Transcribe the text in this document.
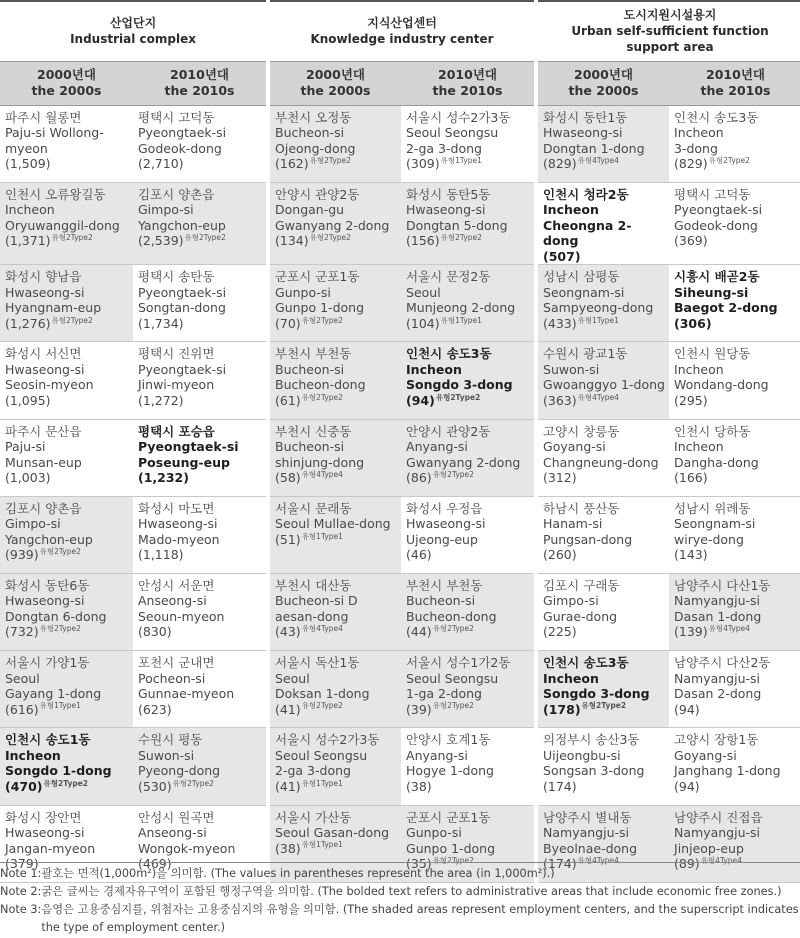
산업단지
Industrial complex		지식산업센터
Knowledge industry center		도시지원시설용지
Urban self-sufficient function
support area	

2000년대
the 2000s	2010년대
the 2010s	2000년대
the 2000s	2010년대
the 2010s	2000년대
the 2000s	2010년대
the 2010s

파주시 월롱면
Paju-si Wollong-
myeon
(1,509)	평택시 고덕동
Pyeongtaek-si
Godeok-dong
(2,710)	부천시 오정동
Bucheon-si
Ojeong-dong
$(162)^{유형2Type2}$	서울시 성수2가3동
Seoul Seongsu
2-ga 3-dong
$(309)^{유형1Type1}$	화성시 동탄1동
Hwaseong-si
Dongtan 1-dong
$(829)^{유형4Type4}$	인천시 송도3동
Incheon
3-dong
$(829)^{유형2Type2}$

인천시 오류왕길동
Incheon
Oryuwanggil-dong
$(1,371)^{유형2Type2}$	김포시 양촌읍
Gimpo-si
Yangchon-eup
$(2,539)^{유형2Type2}$	안양시 관양2동
Dongan-gu
Gwanyang 2-dong
$(134)^{유형2Type2}$	화성시 동탄5동
Hwaseong-si
Dongtan 5-dong
$(156)^{유형2Type2}$	인천시 청라2동
Incheon
Cheongna 2-dong
(507)	평택시 고덕동
Pyeongtaek-si
Godeok-dong
(369)

화성시 향남읍
Hwaseong-si
Hyangnam-eup
$(1,276)^{유형2Type2}$	평택시 송탄동
Pyeongtaek-si
Songtan-dong
(1,734)	군포시 군포1동
Gunpo-si
Gunpo 1-dong
$(70)^{유형2Type2}$	서울시 문정2동
Seoul
Munjeong 2-dong
$(104)^{유형1Type1}$	성남시 삼평동
Seongnam-si
Sampyeong-dong
$(433)^{유형1Type1}$	시흥시 배곧2동
Siheung-si
Baegot 2-dong
(306)

화성시 서신면
Hwaseong-si
Seosin-myeon
(1,095)	평택시 진위면
Pyeongtaek-si
Jinwi-myeon
(1,272)	부천시 부천동
Bucheon-si
Bucheon-dong
$(61)^{유형2Type2}$	인천시 송도3동
Incheon
Songdo 3-dong
$(94)^{유형2Type2}$	수원시 광교1동
Suwon-si
Gwoanggyo 1-dong
$(363)^{유형4Type4}$	인천시 원당동
Incheon
Wondang-dong
(295)

파주시 문산읍
Paju-si
Munsan-eup
(1,003)	평택시 포승읍
Pyeongtaek-si
Poseung-eup
(1,232)	부천시 신중동
Bucheon-si
shinjung-dong
$(58)^{유형4Type4}$	안양시 관양2동
Anyang-si
Gwanyang 2-dong
$(86)^{유형2Type2}$	고양시 창릉동
Goyang-si
Changneung-dong
(312)	인천시 당하동
Incheon
Dangha-dong
(166)

김포시 양촌읍
Gimpo-si
Yangchon-eup
$(939)^{유형2Type2}$	화성시 마도면
Hwaseong-si
Mado-myeon
(1,118)	서울시 문래동
Seoul Mullae-dong
$(51)^{유형1Type1}$	화성시 우정읍
Hwaseong-si
Ujeong-eup
(46)	하남시 풍산동
Hanam-si
Pungsan-dong
(260)	성남시 위례동
Seongnam-si
wirye-dong
(143)

화성시 동탄6동
Hwaseong-si
Dongtan 6-dong
$(732)^{유형2Type2}$	안성시 서운면
Anseong-si
Seoun-myeon
(830)	부천시 대산동
Bucheon-si D
aesan-dong
$(43)^{유형4Type4}$	부천시 부천동
Bucheon-si
Bucheon-dong
$(44)^{유형2Type2}$	김포시 구래동
Gimpo-si
Gurae-dong
(225)	남양주시 다산1동
Namyangju-si
Dasan 1-dong
$(139)^{유형4Type4}$

서울시 가양1동
Seoul
Gayang 1-dong
$(616)^{유형1Type1}$	포천시 군내면
Pocheon-si
Gunnae-myeon
(623)	서울시 독산1동
Seoul
Doksan 1-dong
$(41)^{유형2Type2}$	서울시 성수1가2동
Seoul Seongsu
1-ga 2-dong
$(39)^{유형2Type2}$	인천시 송도3동
Incheon
Songdo 3-dong
$(178)^{유형2Type2}$	남양주시 다산2동
Namyangju-si
Dasan 2-dong
(94)

인천시 송도1동
Incheon
Songdo 1-dong
$(470)^{유형2Type2}$	수원시 평동
Suwon-si
Pyeong-dong
$(530)^{유형2Type2}$	서울시 성수2가3동
Seoul Seongsu
2-ga 3-dong
$(41)^{유형1Type1}$	안양시 호계1동
Anyang-si
Hogye 1-dong
(38)	의정부시 송산3동
Uijeongbu-si
Songsan 3-dong
(174)	고양시 장항1동
Goyang-si
Janghang 1-dong
(94)

화성시 장안면
Hwaseong-si
Jangan-myeon
(379)	안성시 원곡면
Anseong-si
Wongok-myeon
(469)	서울시 가산동
Seoul Gasan-dong
$(38)^{유형1Type1}$	군포시 군포1동
Gunpo-si
Gunpo 1-dong
$(35)^{유형2Type2}$	남양주시 별내동
Namyangju-si
Byeolnae-dong
$(174)^{유형4Type4}$	남양주시 진접읍
Namyangju-si
Jinjeop-eup
$(89)^{유형4Type4}$
Note 1: 괄호는 면적(1,000m²)을 의미함. (The values in parentheses represent the area (in 1,000m²).)
Note 2: 굵은 글씨는 경제자유구역이 포함된 행정구역을 의미함. (The bolded text refers to administrative areas that include economic free zones.)
Note 3: 음영은 고용중심지를, 위첨자는 고용중심지의 유형을 의미함. (The shaded areas represent employment centers, and the superscript indicates the type of employment center.)
